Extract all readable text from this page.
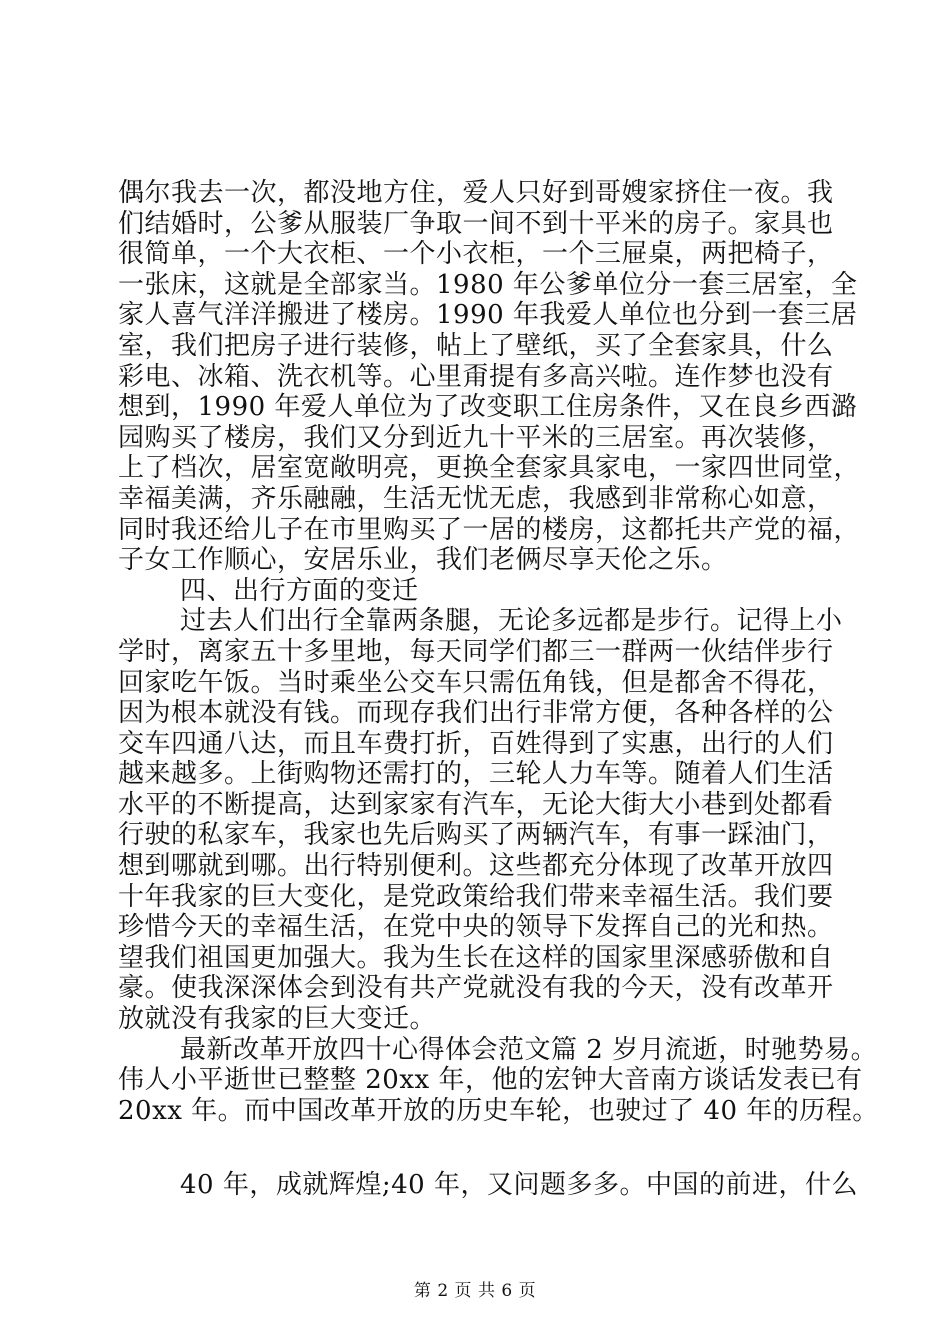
偶尔我去一次，都没地方住，爱人只好到哥嫂家挤住一夜。我
们结婚时，公爹从服装厂争取一间不到十平米的房子。家具也
很简单，一个大衣柜、一个小衣柜，一个三屉桌，两把椅子，
一张床，这就是全部家当。1980 年公爹单位分一套三居室，全
家人喜气洋洋搬进了楼房。1990 年我爱人单位也分到一套三居
室，我们把房子进行装修，帖上了壁纸，买了全套家具，什么
彩电、冰箱、洗衣机等。心里甭提有多高兴啦。连作梦也没有
想到，1990 年爱人单位为了改变职工住房条件，又在良乡西潞
园购买了楼房，我们又分到近九十平米的三居室。再次装修，
上了档次，居室宽敞明亮，更换全套家具家电，一家四世同堂，
幸福美满，齐乐融融，生活无忧无虑，我感到非常称心如意，
同时我还给儿子在市里购买了一居的楼房，这都托共产党的福，
子女工作顺心，安居乐业，我们老俩尽享天伦之乐。
四、出行方面的变迁
过去人们出行全靠两条腿，无论多远都是步行。记得上小
学时，离家五十多里地，每天同学们都三一群两一伙结伴步行
回家吃午饭。当时乘坐公交车只需伍角钱，但是都舍不得花，
因为根本就没有钱。而现存我们出行非常方便，各种各样的公
交车四通八达，而且车费打折，百姓得到了实惠，出行的人们
越来越多。上街购物还需打的，三轮人力车等。随着人们生活
水平的不断提高，达到家家有汽车，无论大街大小巷到处都看
行驶的私家车，我家也先后购买了两辆汽车，有事一踩油门，
想到哪就到哪。出行特别便利。这些都充分体现了改革开放四
十年我家的巨大变化，是党政策给我们带来幸福生活。我们要
珍惜今天的幸福生活，在党中央的领导下发挥自己的光和热。
望我们祖国更加强大。我为生长在这样的国家里深感骄傲和自
豪。使我深深体会到没有共产党就没有我的今天，没有改革开
放就没有我家的巨大变迁。
最新改革开放四十心得体会范文篇 2 岁月流逝，时驰势易。
伟人小平逝世已整整 20xx 年，他的宏钟大音南方谈话发表已有
20xx 年。而中国改革开放的历史车轮，也驶过了 40 年的历程。
40 年，成就辉煌;40 年，又问题多多。中国的前进，什么
第 2 页 共 6 页
